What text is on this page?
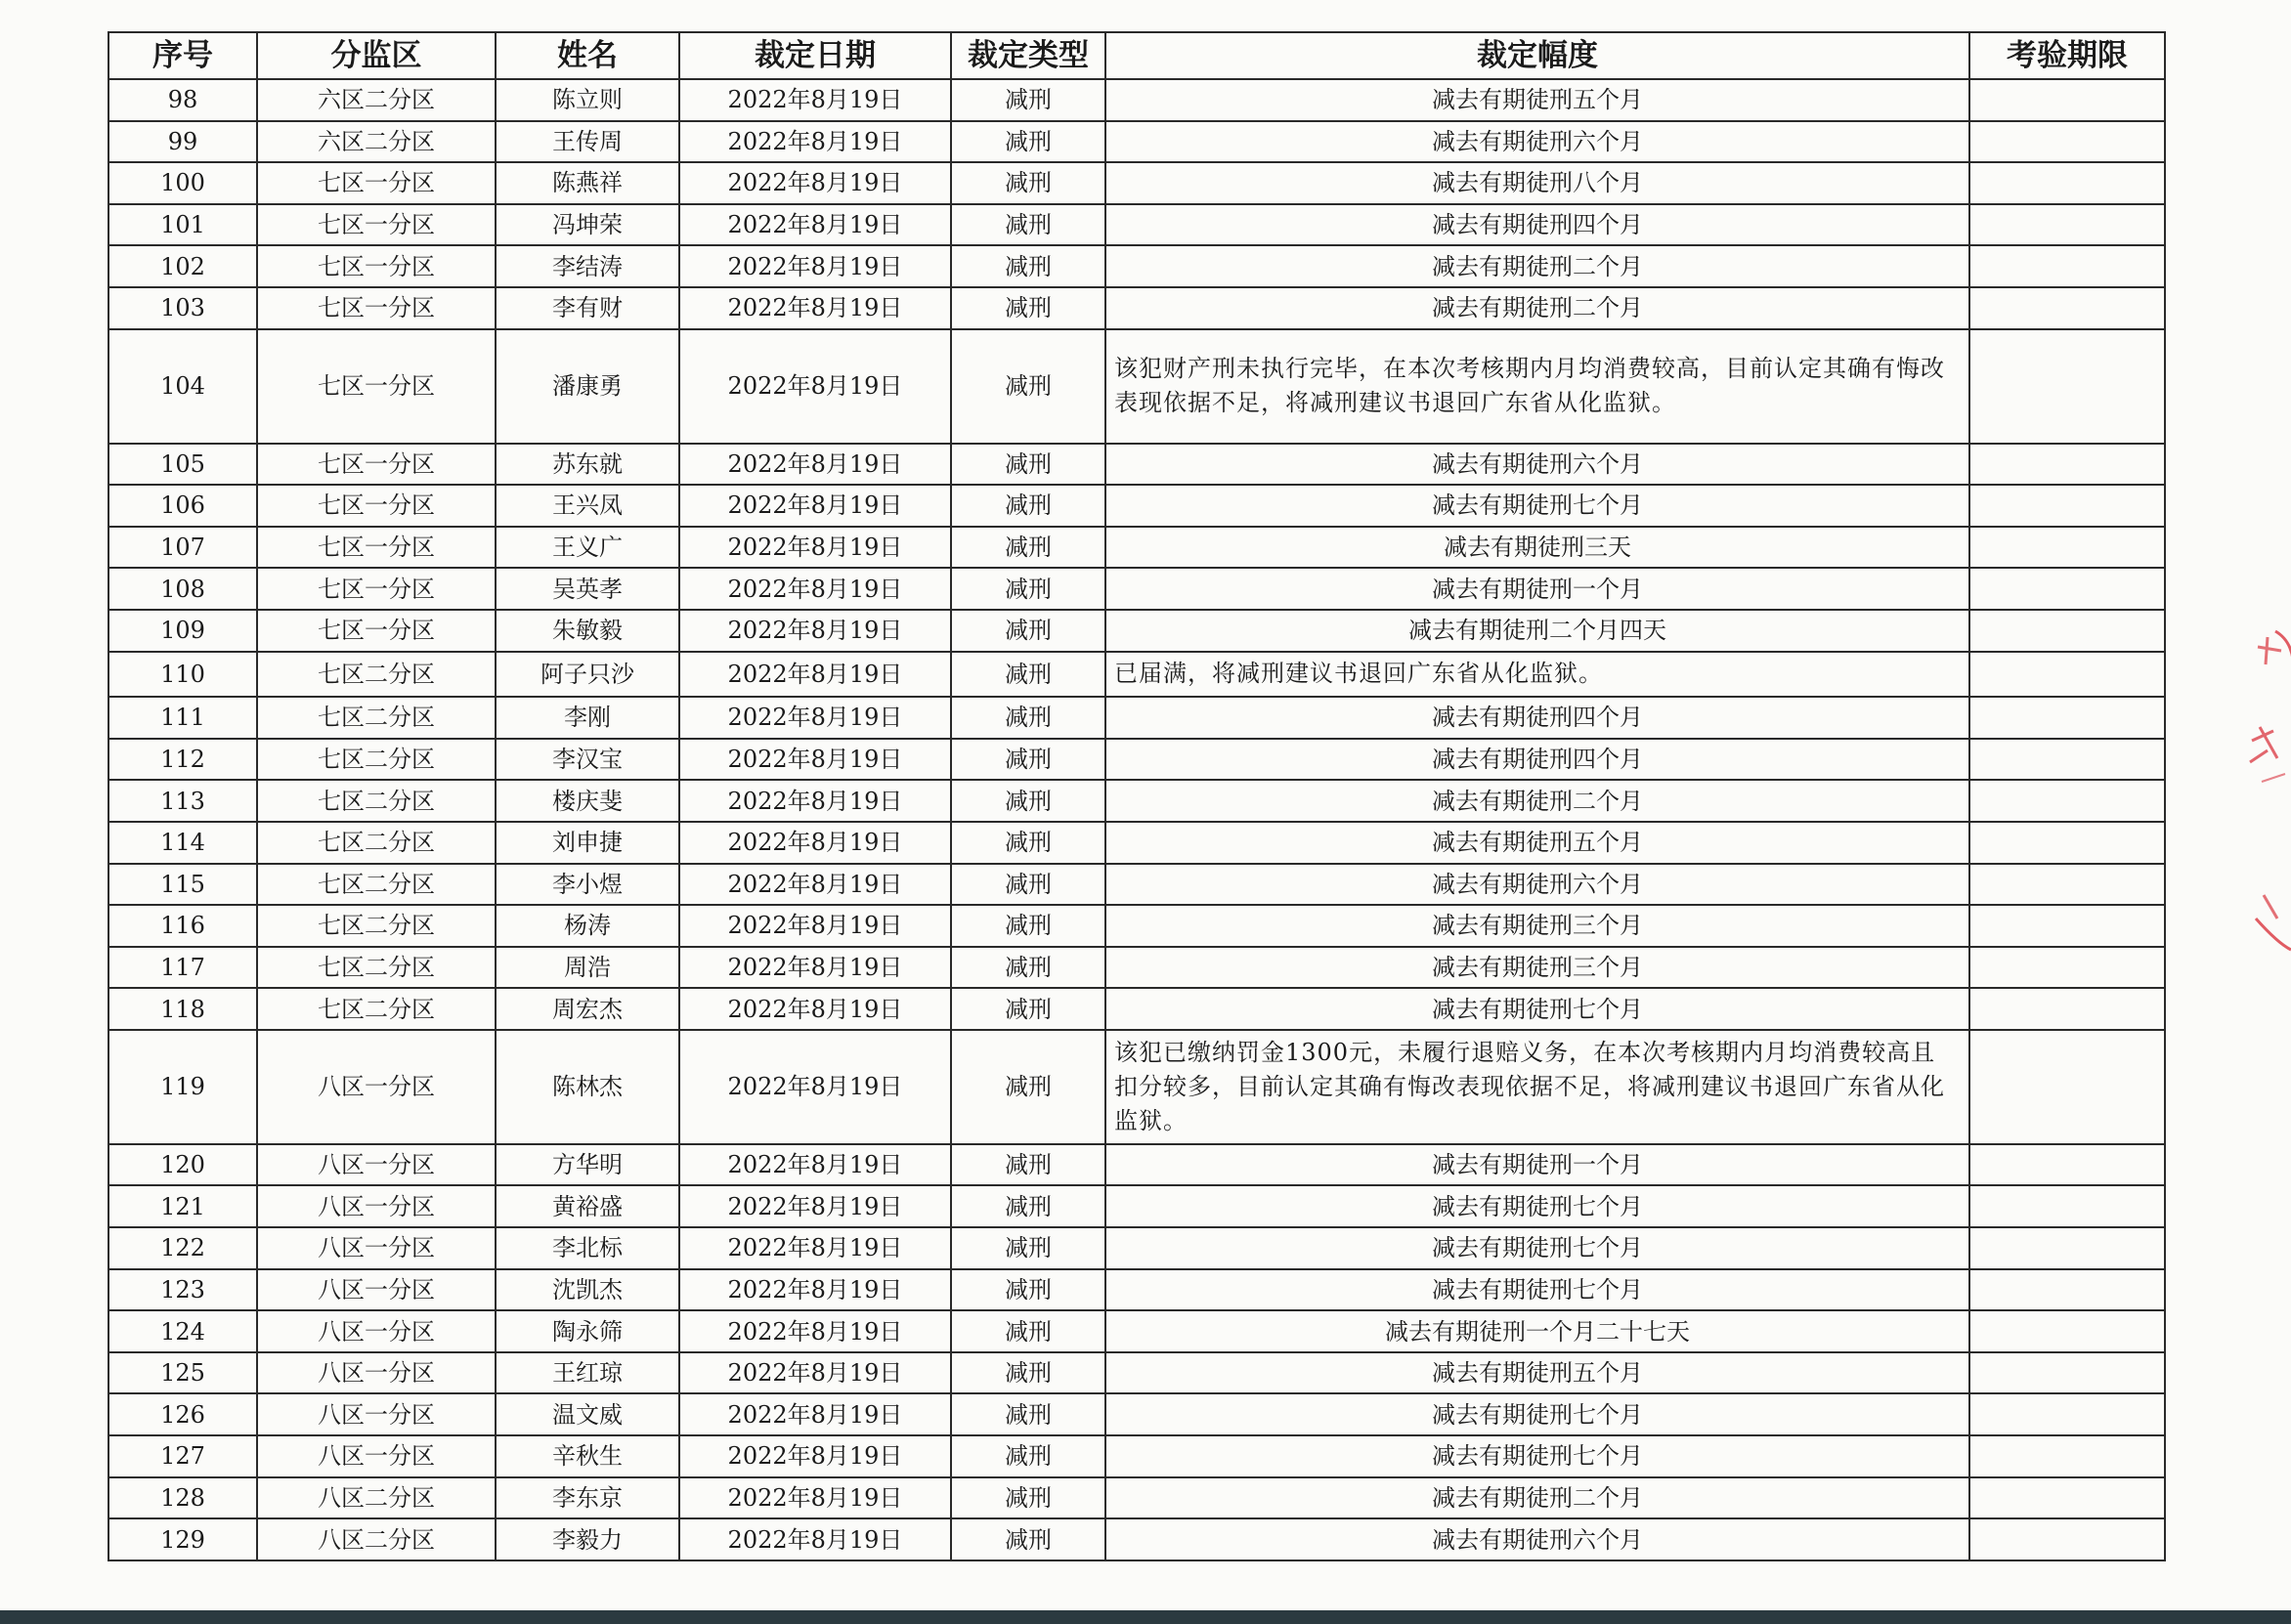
序号	分监区	姓名	裁定日期	裁定类型	裁定幅度	考验期限
98	六区二分区	陈立则	2022年8月19日	减刑	减去有期徒刑五个月	
99	六区二分区	王传周	2022年8月19日	减刑	减去有期徒刑六个月	
100	七区一分区	陈燕祥	2022年8月19日	减刑	减去有期徒刑八个月	
101	七区一分区	冯坤荣	2022年8月19日	减刑	减去有期徒刑四个月	
102	七区一分区	李结涛	2022年8月19日	减刑	减去有期徒刑二个月	
103	七区一分区	李有财	2022年8月19日	减刑	减去有期徒刑二个月	
104	七区一分区	潘康勇	2022年8月19日	减刑	该犯财产刑未执行完毕，在本次考核期内月均消费较高，目前认定其确有悔改表现依据不足，将减刑建议书退回广东省从化监狱。	
105	七区一分区	苏东就	2022年8月19日	减刑	减去有期徒刑六个月	
106	七区一分区	王兴凤	2022年8月19日	减刑	减去有期徒刑七个月	
107	七区一分区	王义广	2022年8月19日	减刑	减去有期徒刑三天	
108	七区一分区	吴英孝	2022年8月19日	减刑	减去有期徒刑一个月	
109	七区一分区	朱敏毅	2022年8月19日	减刑	减去有期徒刑二个月四天	
110	七区二分区	阿子只沙	2022年8月19日	减刑	已届满，将减刑建议书退回广东省从化监狱。	
111	七区二分区	李刚	2022年8月19日	减刑	减去有期徒刑四个月	
112	七区二分区	李汉宝	2022年8月19日	减刑	减去有期徒刑四个月	
113	七区二分区	楼庆斐	2022年8月19日	减刑	减去有期徒刑二个月	
114	七区二分区	刘申捷	2022年8月19日	减刑	减去有期徒刑五个月	
115	七区二分区	李小煜	2022年8月19日	减刑	减去有期徒刑六个月	
116	七区二分区	杨涛	2022年8月19日	减刑	减去有期徒刑三个月	
117	七区二分区	周浩	2022年8月19日	减刑	减去有期徒刑三个月	
118	七区二分区	周宏杰	2022年8月19日	减刑	减去有期徒刑七个月	
119	八区一分区	陈林杰	2022年8月19日	减刑	该犯已缴纳罚金1300元，未履行退赔义务，在本次考核期内月均消费较高且扣分较多，目前认定其确有悔改表现依据不足，将减刑建议书退回广东省从化监狱。	
120	八区一分区	方华明	2022年8月19日	减刑	减去有期徒刑一个月	
121	八区一分区	黄裕盛	2022年8月19日	减刑	减去有期徒刑七个月	
122	八区一分区	李北标	2022年8月19日	减刑	减去有期徒刑七个月	
123	八区一分区	沈凯杰	2022年8月19日	减刑	减去有期徒刑七个月	
124	八区一分区	陶永筛	2022年8月19日	减刑	减去有期徒刑一个月二十七天	
125	八区一分区	王红琼	2022年8月19日	减刑	减去有期徒刑五个月	
126	八区一分区	温文威	2022年8月19日	减刑	减去有期徒刑七个月	
127	八区一分区	辛秋生	2022年8月19日	减刑	减去有期徒刑七个月	
128	八区二分区	李东京	2022年8月19日	减刑	减去有期徒刑二个月	
129	八区二分区	李毅力	2022年8月19日	减刑	减去有期徒刑六个月	
